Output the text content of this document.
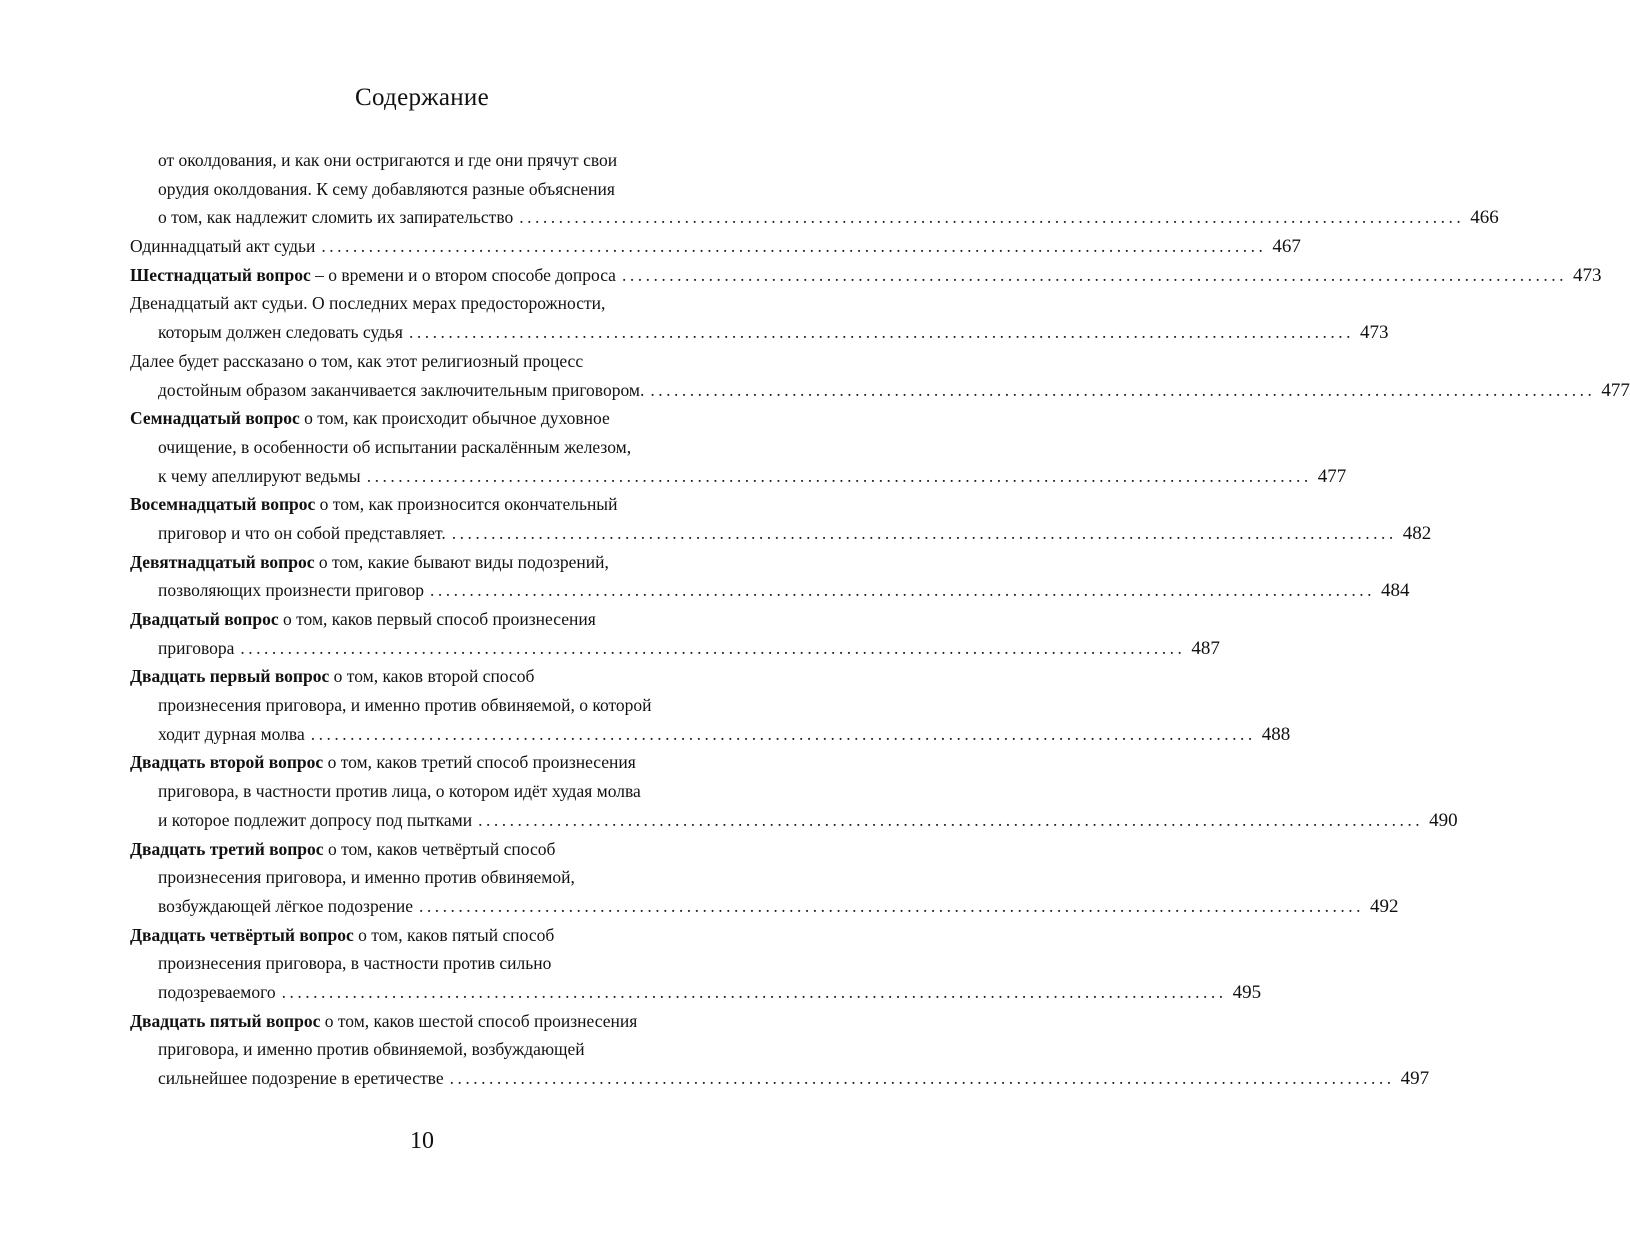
Содержание
от околдования, и как они остригаются и где они прячут свои
орудия околдования. К сему добавляются разные объяснения
о том, как надлежит сломить их запирательство ........................................................................................................................ 466
Одиннадцатый акт судьи ........................................................................................................................ 467
Шестнадцатый вопрос – о времени и о втором способе допроса ........................................................................................................................ 473
Двенадцатый акт судьи. О последних мерах предосторожности,
которым должен следовать судья ........................................................................................................................ 473
Далее будет рассказано о том, как этот религиозный процесс
достойным образом заканчивается заключительным приговором. ........................................................................................................................ 477
Семнадцатый вопрос о том, как происходит обычное духовное
очищение, в особенности об испытании раскалённым железом,
к чему апеллируют ведьмы ........................................................................................................................ 477
Восемнадцатый вопрос о том, как произносится окончательный
приговор и что он собой представляет. ........................................................................................................................ 482
Девятнадцатый вопрос о том, какие бывают виды подозрений,
позволяющих произнести приговор ........................................................................................................................ 484
Двадцатый вопрос о том, каков первый способ произнесения
приговора ........................................................................................................................ 487
Двадцать первый вопрос о том, каков второй способ
произнесения приговора, и именно против обвиняемой, о которой
ходит дурная молва ........................................................................................................................ 488
Двадцать второй вопрос о том, каков третий способ произнесения
приговора, в частности против лица, о котором идёт худая молва
и которое подлежит допросу под пытками ........................................................................................................................ 490
Двадцать третий вопрос о том, каков четвёртый способ
произнесения приговора, и именно против обвиняемой,
возбуждающей лёгкое подозрение ........................................................................................................................ 492
Двадцать четвёртый вопрос о том, каков пятый способ
произнесения приговора, в частности против сильно
подозреваемого ........................................................................................................................ 495
Двадцать пятый вопрос о том, каков шестой способ произнесения
приговора, и именно против обвиняемой, возбуждающей
сильнейшее подозрение в еретичестве ........................................................................................................................ 497
10
